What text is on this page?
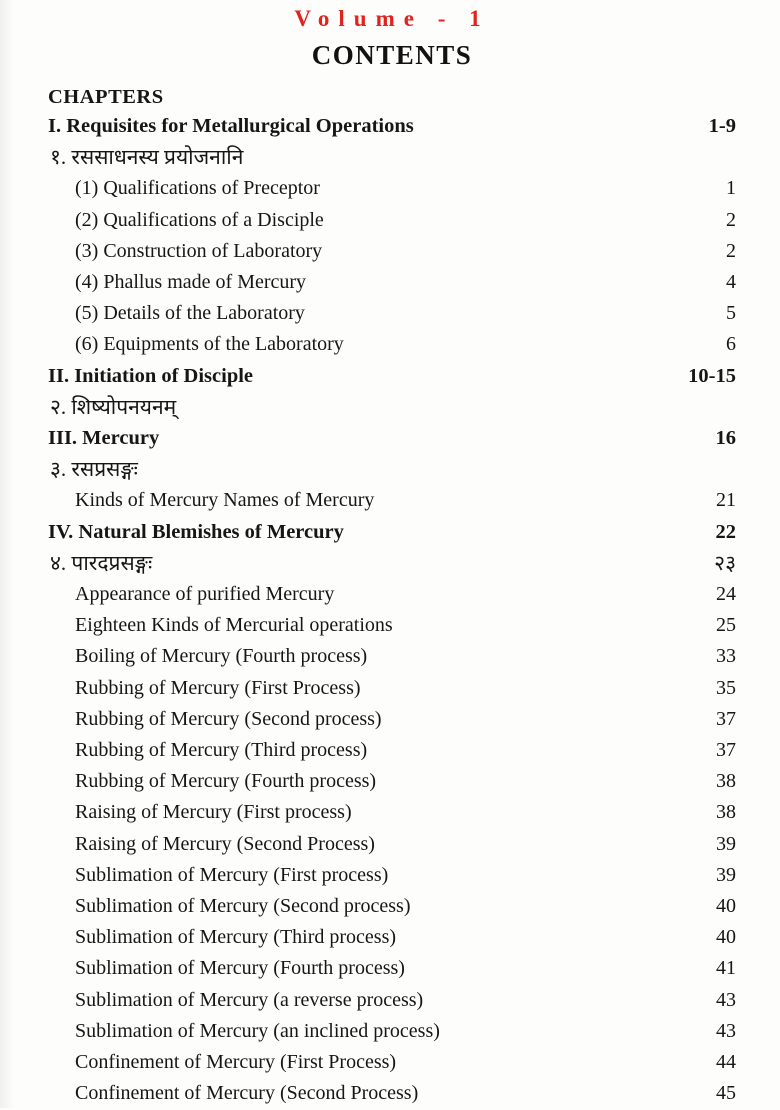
Volume - 1
CONTENTS
CHAPTERS
I. Requisites for Metallurgical Operations	1-9
१. रससाधनस्य प्रयोजनानि
(1) Qualifications of Preceptor	1
(2) Qualifications of a Disciple	2
(3) Construction of Laboratory	2
(4) Phallus made of Mercury	4
(5) Details of the Laboratory	5
(6) Equipments of the Laboratory	6
II. Initiation of Disciple	10-15
२. शिष्योपनयनम्
III. Mercury	16
३. रसप्रसङ्गः
Kinds of Mercury Names of Mercury	21
IV. Natural Blemishes of Mercury	22
४. पारदप्रसङ्गः	२३
Appearance of purified Mercury	24
Eighteen Kinds of Mercurial operations	25
Boiling of Mercury (Fourth process)	33
Rubbing of Mercury (First Process)	35
Rubbing of Mercury (Second process)	37
Rubbing of Mercury (Third process)	37
Rubbing of Mercury (Fourth process)	38
Raising of Mercury (First process)	38
Raising of Mercury (Second Process)	39
Sublimation of Mercury (First process)	39
Sublimation of Mercury (Second process)	40
Sublimation of Mercury (Third process)	40
Sublimation of Mercury (Fourth process)	41
Sublimation of Mercury (a reverse process)	43
Sublimation of Mercury (an inclined process)	43
Confinement of Mercury (First Process)	44
Confinement of Mercury (Second Process)	45
